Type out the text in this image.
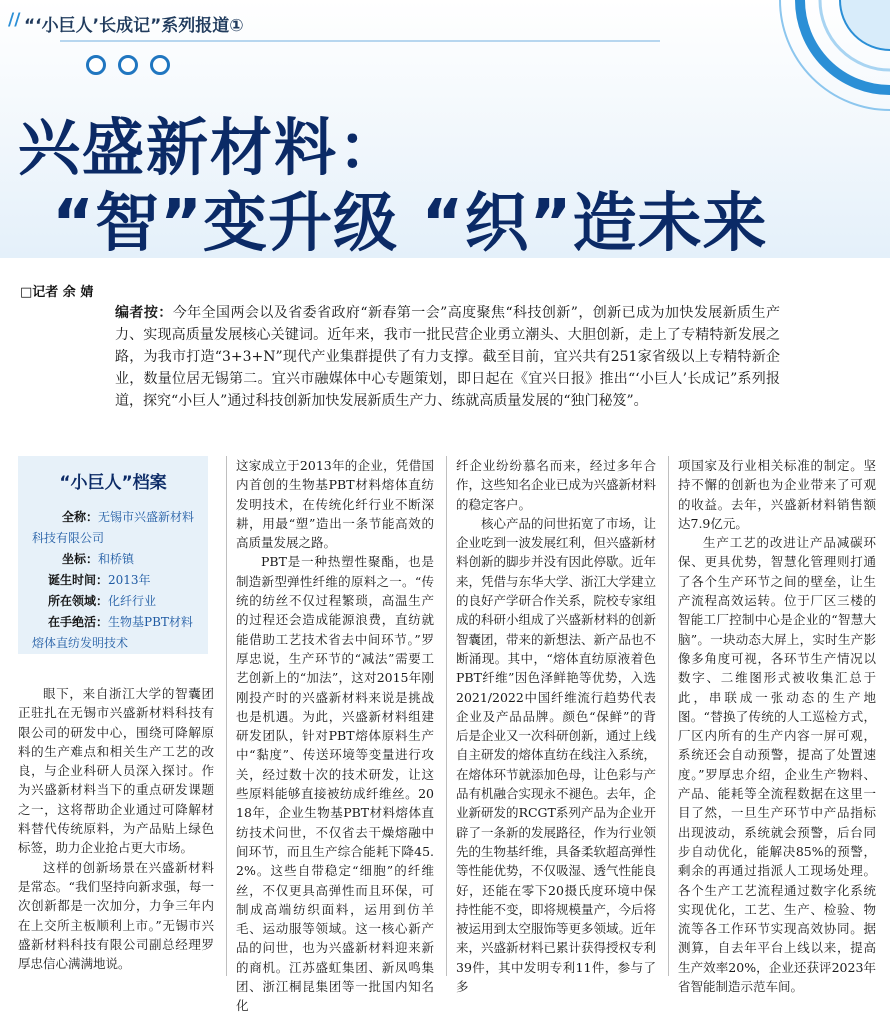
// “‘小巨人’长成记”系列报道①
兴盛新材料：
“智”变升级 “织”造未来
□记者 余 婧
编者按：今年全国两会以及省委省政府“新春第一会”高度聚焦“科技创新”，创新已成为加快发展新质生产力、实现高质量发展核心关键词。近年来，我市一批民营企业勇立潮头、大胆创新，走上了专精特新发展之路，为我市打造“3+3+N”现代产业集群提供了有力支撑。截至目前，宜兴共有251家省级以上专精特新企业，数量位居无锡第二。宜兴市融媒体中心专题策划，即日起在《宜兴日报》推出“‘小巨人’长成记”系列报道，探究“小巨人”通过科技创新加快发展新质生产力、练就高质量发展的“独门秘笈”。
“小巨人”档案

全称：无锡市兴盛新材料科技有限公司

坐标：和桥镇

诞生时间：2013年

所在领域：化纤行业

在手绝活：生物基PBT材料熔体直纺发明技术

眼下，来自浙江大学的智囊团正驻扎在无锡市兴盛新材料科技有限公司的研发中心，围绕可降解原料的生产难点和相关生产工艺的改良，与企业科研人员深入探讨。作为兴盛新材料当下的重点研发课题之一，这将帮助企业通过可降解材料替代传统原料，为产品贴上绿色标签，助力企业抢占更大市场。

这样的创新场景在兴盛新材料是常态。“我们坚持向新求强，每一次创新都是一次加分，力争三年内在上交所主板顺利上市。”无锡市兴盛新材料科技有限公司副总经理罗厚忠信心满满地说。

这家成立于2013年的企业，凭借国内首创的生物基PBT材料熔体直纺发明技术，在传统化纤行业不断深耕，用最“塑”造出一条节能高效的高质量发展之路。

PBT是一种热塑性聚酯，也是制造新型弹性纤维的原料之一。“传统的纺丝不仅过程繁琐，高温生产的过程还会造成能源浪费，直纺就能借助工艺技术省去中间环节。”罗厚忠说，生产环节的“减法”需要工艺创新上的“加法”，这对2015年刚刚投产时的兴盛新材料来说是挑战也是机遇。为此，兴盛新材料组建研发团队，针对PBT熔体原料生产中“黏度”、传送环境等变量进行攻关，经过数十次的技术研发，让这些原料能够直接被纺成纤维丝。2018年，企业生物基PBT材料熔体直纺技术问世，不仅省去干燥熔融中间环节，而且生产综合能耗下降45.2%。这些自带稳定“细胞”的纤维丝，不仅更具高弹性而且环保，可制成高端纺织面料，运用到仿羊毛、运动服等领域。这一核心新产品的问世，也为兴盛新材料迎来新的商机。江苏盛虹集团、新凤鸣集团、浙江桐昆集团等一批国内知名化

纤企业纷纷慕名而来，经过多年合作，这些知名企业已成为兴盛新材料的稳定客户。

核心产品的问世拓宽了市场，让企业吃到一波发展红利，但兴盛新材料创新的脚步并没有因此停歇。近年来，凭借与东华大学、浙江大学建立的良好产学研合作关系，院校专家组成的科研小组成了兴盛新材料的创新智囊团，带来的新想法、新产品也不断涌现。其中，“熔体直纺原液着色PBT纤维”因色泽鲜艳等优势，入选2021/2022中国纤维流行趋势代表企业及产品品牌。颜色“保鲜”的背后是企业又一次科研创新，通过上线自主研发的熔体直纺在线注入系统，在熔体环节就添加色母，让色彩与产品有机融合实现永不褪色。去年，企业新研发的RCGT系列产品为企业开辟了一条新的发展路径，作为行业领先的生物基纤维，具备柔软超高弹性等性能优势，不仅吸湿、透气性能良好，还能在零下20摄氏度环境中保持性能不变，即将规模量产，今后将被运用到太空服饰等更多领域。近年来，兴盛新材料已累计获得授权专利39件，其中发明专利11件，参与了多

项国家及行业相关标准的制定。坚持不懈的创新也为企业带来了可观的收益。去年，兴盛新材料销售额达7.9亿元。

生产工艺的改进让产品减碳环保、更具优势，智慧化管理则打通了各个生产环节之间的壁垒，让生产流程高效运转。位于厂区三楼的智能工厂控制中心是企业的“智慧大脑”。一块动态大屏上，实时生产影像多角度可视，各环节生产情况以数字、二维图形式被收集汇总于此，串联成一张动态的生产地图。“替换了传统的人工巡检方式，厂区内所有的生产内容一屏可观，系统还会自动预警，提高了处置速度。”罗厚忠介绍，企业生产物料、产品、能耗等全流程数据在这里一目了然，一旦生产环节中产品指标出现波动，系统就会预警，后台同步自动优化，能解决85%的预警，剩余的再通过指派人工现场处理。各个生产工艺流程通过数字化系统实现优化，工艺、生产、检验、物流等各工作环节实现高效协同。据测算，自去年平台上线以来，提高生产效率20%，企业还获评2023年省智能制造示范车间。
